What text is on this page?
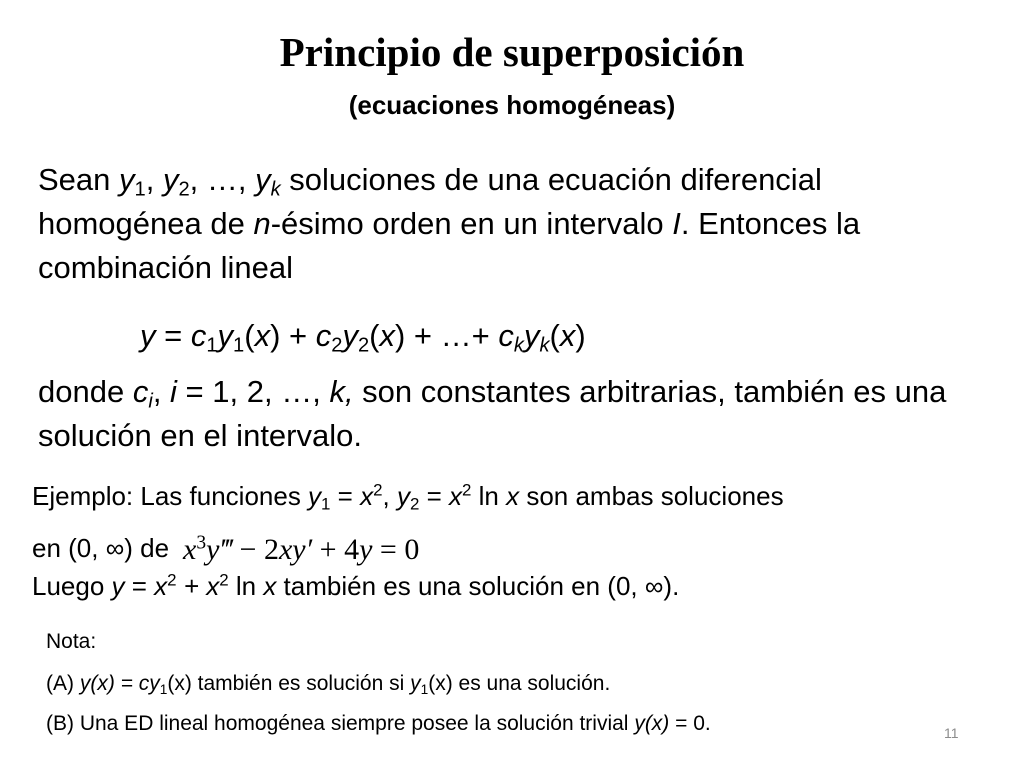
Principio de superposición
(ecuaciones homogéneas)
Sean $y_1$, $y_2$, …, $y_k$ soluciones de una ecuación diferencial homogénea de n-ésimo orden en un intervalo I. Entonces la combinación lineal
$y = c_1y_1(x) + c_2y_2(x)$ + …+ $c_ky_k(x)$
donde $c_i$, i = 1, 2, …, k, son constantes arbitrarias, también es una solución en el intervalo.
Ejemplo: Las funciones $y_1 = x^2$, $y_2 = x^2$ ln x son ambas soluciones
en (0, ∞) de $x^3y‴ - 2xy' + 4y = 0$
Luego $y = x^2 + x^2$ ln x también es una solución en (0, ∞).
Nota:
(A) $y(x) = cy_1(x)$ también es solución si $y_1(x)$ es una solución.
(B) Una ED lineal homogénea siempre posee la solución trivial y(x) = 0.	11
